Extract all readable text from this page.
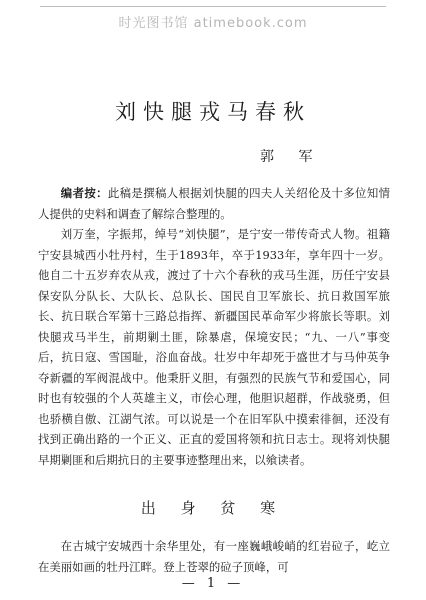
时光图书馆 atimebook.com
刘快腿戎马春秋
郭 军

编者按：此稿是撰稿人根据刘快腿的四夫人关绍伦及十多位知情人提供的史料和调查了解综合整理的。

刘万奎，字振邦，绰号“刘快腿”，是宁安一带传奇式人物。祖籍宁安县城西小牡丹村，生于1893年，卒于1933年，享年四十一岁。他自二十五岁弃农从戎，渡过了十六个春秋的戎马生涯，历任宁安县保安队分队长、大队长、总队长、国民自卫军旅长、抗日救国军旅长、抗日联合军第十三路总指挥、新疆国民革命军少将旅长等职。刘快腿戎马半生，前期剿土匪，除暴虐，保境安民；“九、一八”事变后，抗日寇、雪国耻，浴血奋战。壮岁中年却死于盛世才与马仲英争夺新疆的军阀混战中。他秉肝义胆，有强烈的民族气节和爱国心，同时也有较强的个人英雄主义，市侩心理，他胆识超群，作战骁勇，但也骄横自傲、江湖气浓。可以说是一个在旧军队中摸索徘徊，还没有找到正确出路的一个正义、正直的爱国将领和抗日志士。现将刘快腿早期剿匪和后期抗日的主要事迹整理出来，以飨读者。

出 身 贫 寒

在古城宁安城西十余华里处，有一座巍峨峻峭的红岩砬子，屹立在美丽如画的牡丹江畔。登上苍翠的砬子顶峰，可

— 1 —
